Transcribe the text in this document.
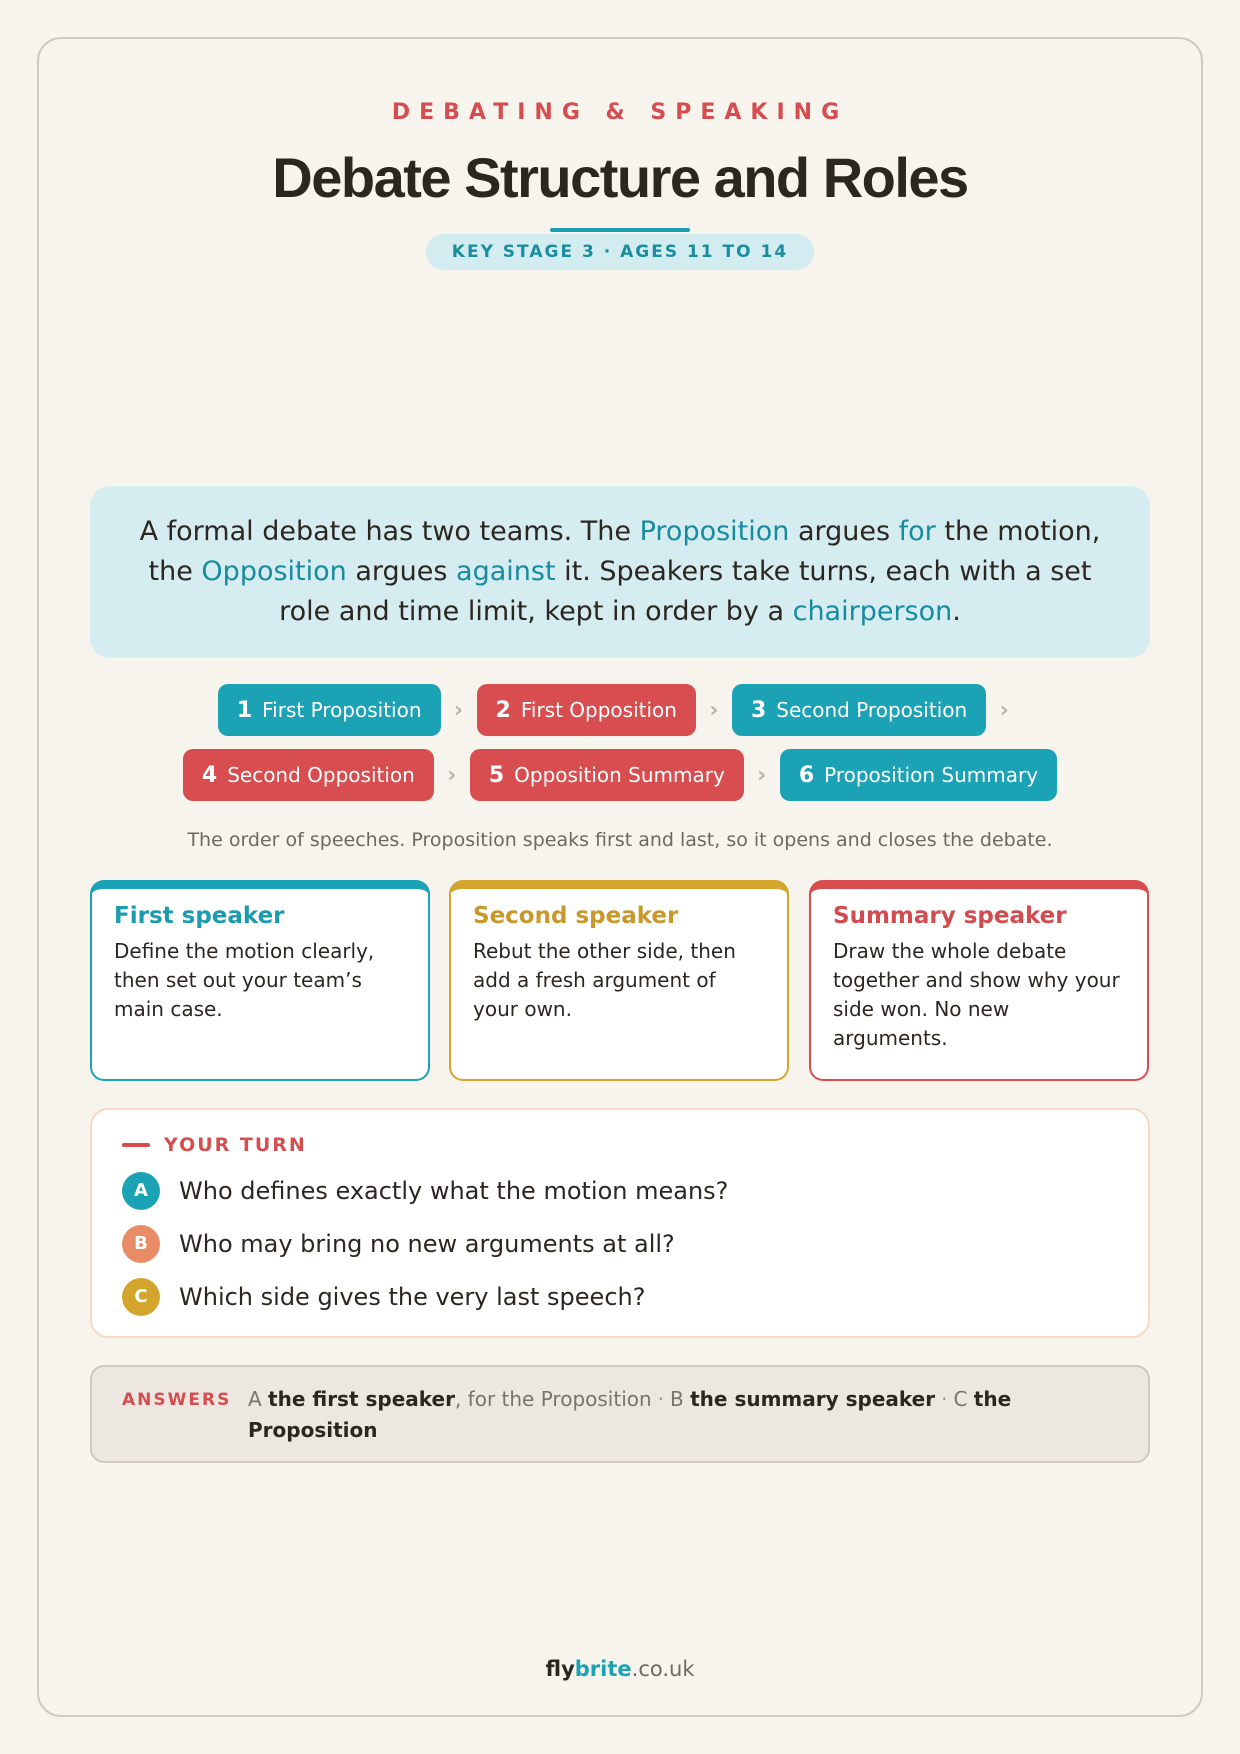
DEBATING & SPEAKING
Debate Structure and Roles
KEY STAGE 3 · AGES 11 TO 14
A formal debate has two teams. The Proposition argues for the motion, the Opposition argues against it. Speakers take turns, each with a set role and time limit, kept in order by a chairperson.
1 First Proposition	›	2 First Opposition	›	3 Second Proposition	›
4 Second Opposition	›	5 Opposition Summary	›	6 Proposition Summary
The order of speeches. Proposition speaks first and last, so it opens and closes the debate.
First speaker

Define the motion clearly, then set out your team’s main case.

Second speaker

Rebut the other side, then add a fresh argument of your own.

Summary speaker

Draw the whole debate together and show why your side won. No new arguments.

YOUR TURN
A	Who defines exactly what the motion means?
B	Who may bring no new arguments at all?
C	Which side gives the very last speech?
ANSWERS A the first speaker, for the Proposition · B the summary speaker · C the Proposition
flybrite.co.uk
